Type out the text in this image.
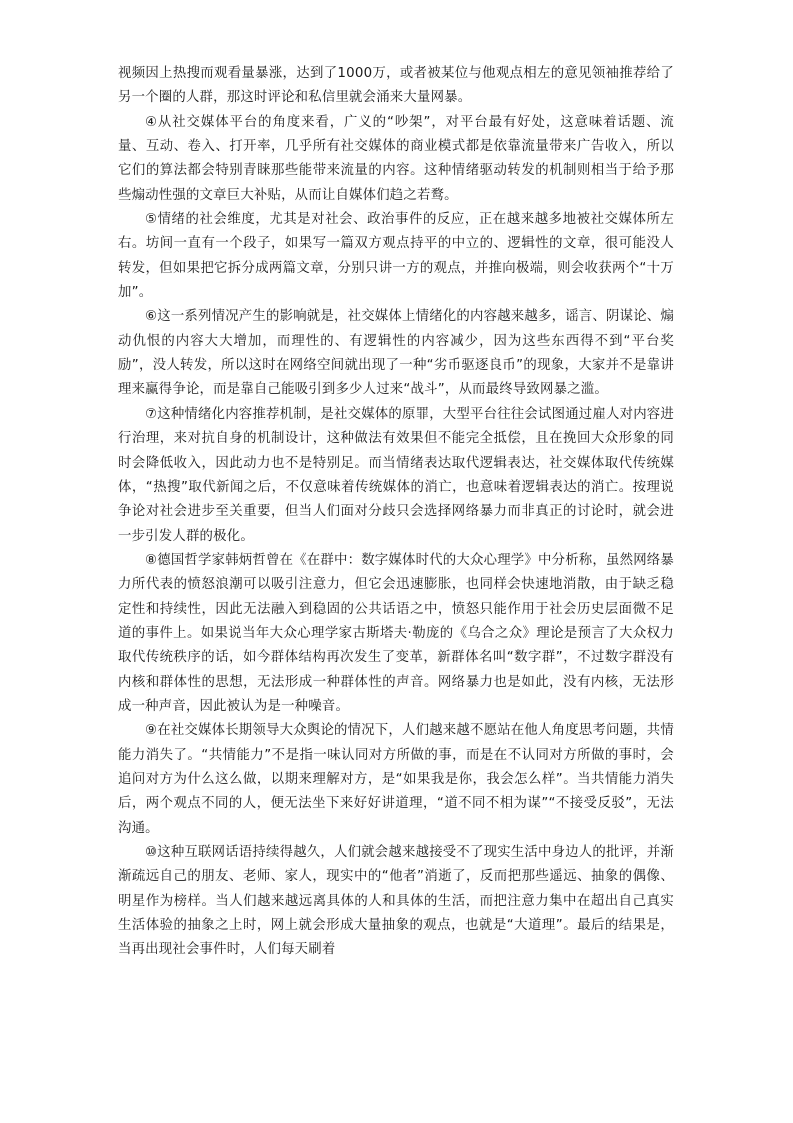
视频因上热搜而观看量暴涨，达到了1000万，或者被某位与他观点相左的意见领袖推荐给了另一个圈的人群，那这时评论和私信里就会涌来大量网暴。

④从社交媒体平台的角度来看，广义的“吵架”，对平台最有好处，这意味着话题、流量、互动、卷入、打开率，几乎所有社交媒体的商业模式都是依靠流量带来广告收入，所以它们的算法都会特别青睐那些能带来流量的内容。这种情绪驱动转发的机制则相当于给予那些煽动性强的文章巨大补贴，从而让自媒体们趋之若鹜。

⑤情绪的社会维度，尤其是对社会、政治事件的反应，正在越来越多地被社交媒体所左右。坊间一直有一个段子，如果写一篇双方观点持平的中立的、逻辑性的文章，很可能没人转发，但如果把它拆分成两篇文章，分别只讲一方的观点，并推向极端，则会收获两个“十万加”。

⑥这一系列情况产生的影响就是，社交媒体上情绪化的内容越来越多，谣言、阴谋论、煽动仇恨的内容大大增加，而理性的、有逻辑性的内容减少，因为这些东西得不到“平台奖励”，没人转发，所以这时在网络空间就出现了一种“劣币驱逐良币”的现象，大家并不是靠讲理来赢得争论，而是靠自己能吸引到多少人过来“战斗”，从而最终导致网暴之滥。

⑦这种情绪化内容推荐机制，是社交媒体的原罪，大型平台往往会试图通过雇人对内容进行治理，来对抗自身的机制设计，这种做法有效果但不能完全抵偿，且在挽回大众形象的同时会降低收入，因此动力也不是特别足。而当情绪表达取代逻辑表达，社交媒体取代传统媒体，“热搜”取代新闻之后，不仅意味着传统媒体的消亡，也意味着逻辑表达的消亡。按理说争论对社会进步至关重要，但当人们面对分歧只会选择网络暴力而非真正的讨论时，就会进一步引发人群的极化。

⑧德国哲学家韩炳哲曾在《在群中：数字媒体时代的大众心理学》中分析称，虽然网络暴力所代表的愤怒浪潮可以吸引注意力，但它会迅速膨胀，也同样会快速地消散，由于缺乏稳定性和持续性，因此无法融入到稳固的公共话语之中，愤怒只能作用于社会历史层面微不足道的事件上。如果说当年大众心理学家古斯塔夫·勒庞的《乌合之众》理论是预言了大众权力取代传统秩序的话，如今群体结构再次发生了变革，新群体名叫“数字群”，不过数字群没有内核和群体性的思想，无法形成一种群体性的声音。网络暴力也是如此，没有内核，无法形成一种声音，因此被认为是一种噪音。

⑨在社交媒体长期领导大众舆论的情况下，人们越来越不愿站在他人角度思考问题，共情能力消失了。“共情能力”不是指一味认同对方所做的事，而是在不认同对方所做的事时，会追问对方为什么这么做，以期来理解对方，是“如果我是你，我会怎么样”。当共情能力消失后，两个观点不同的人，便无法坐下来好好讲道理，“道不同不相为谋”“不接受反驳”，无法沟通。

⑩这种互联网话语持续得越久，人们就会越来越接受不了现实生活中身边人的批评，并渐渐疏远自己的朋友、老师、家人，现实中的“他者”消逝了，反而把那些遥远、抽象的偶像、明星作为榜样。当人们越来越远离具体的人和具体的生活，而把注意力集中在超出自己真实生活体验的抽象之上时，网上就会形成大量抽象的观点，也就是“大道理”。最后的结果是，当再出现社会事件时，人们每天刷着
